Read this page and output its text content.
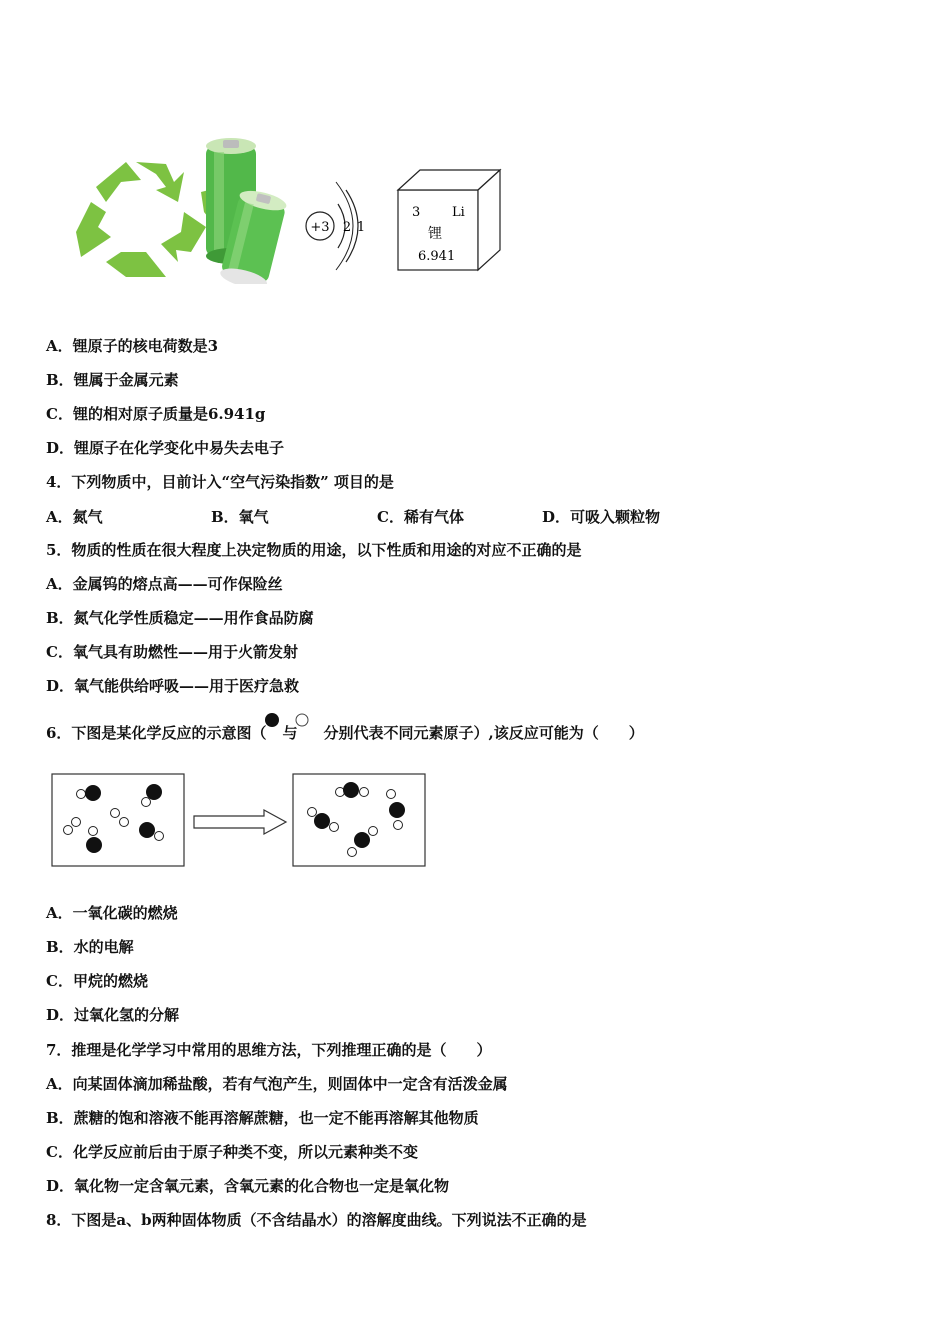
+3 2 1
3 Li
锂
6.941
A．锂原子的核电荷数是3
B．锂属于金属元素
C．锂的相对原子质量是6.941g
D．锂原子在化学变化中易失去电子
4．下列物质中，目前计入“空气污染指数” 项目的是
A．氮气	B．氧气	C．稀有气体	D．可吸入颗粒物
5．物质的性质在很大程度上决定物质的用途，以下性质和用途的对应不正确的是
A．金属钨的熔点高——可作保险丝
B．氮气化学性质稳定——用作食品防腐
C．氧气具有助燃性——用于火箭发射
D．氧气能供给呼吸——用于医疗急救
6．下图是某化学反应的示意图（ 与 分别代表不同元素原子）,该反应可能为（　　）
A．一氧化碳的燃烧
B．水的电解
C．甲烷的燃烧
D．过氧化氢的分解
7．推理是化学学习中常用的思维方法，下列推理正确的是（　　）
A．向某固体滴加稀盐酸，若有气泡产生，则固体中一定含有活泼金属
B．蔗糖的饱和溶液不能再溶解蔗糖，也一定不能再溶解其他物质
C．化学反应前后由于原子种类不变，所以元素种类不变
D．氧化物一定含氧元素，含氧元素的化合物也一定是氧化物
8．下图是a、b两种固体物质（不含结晶水）的溶解度曲线。下列说法不正确的是
